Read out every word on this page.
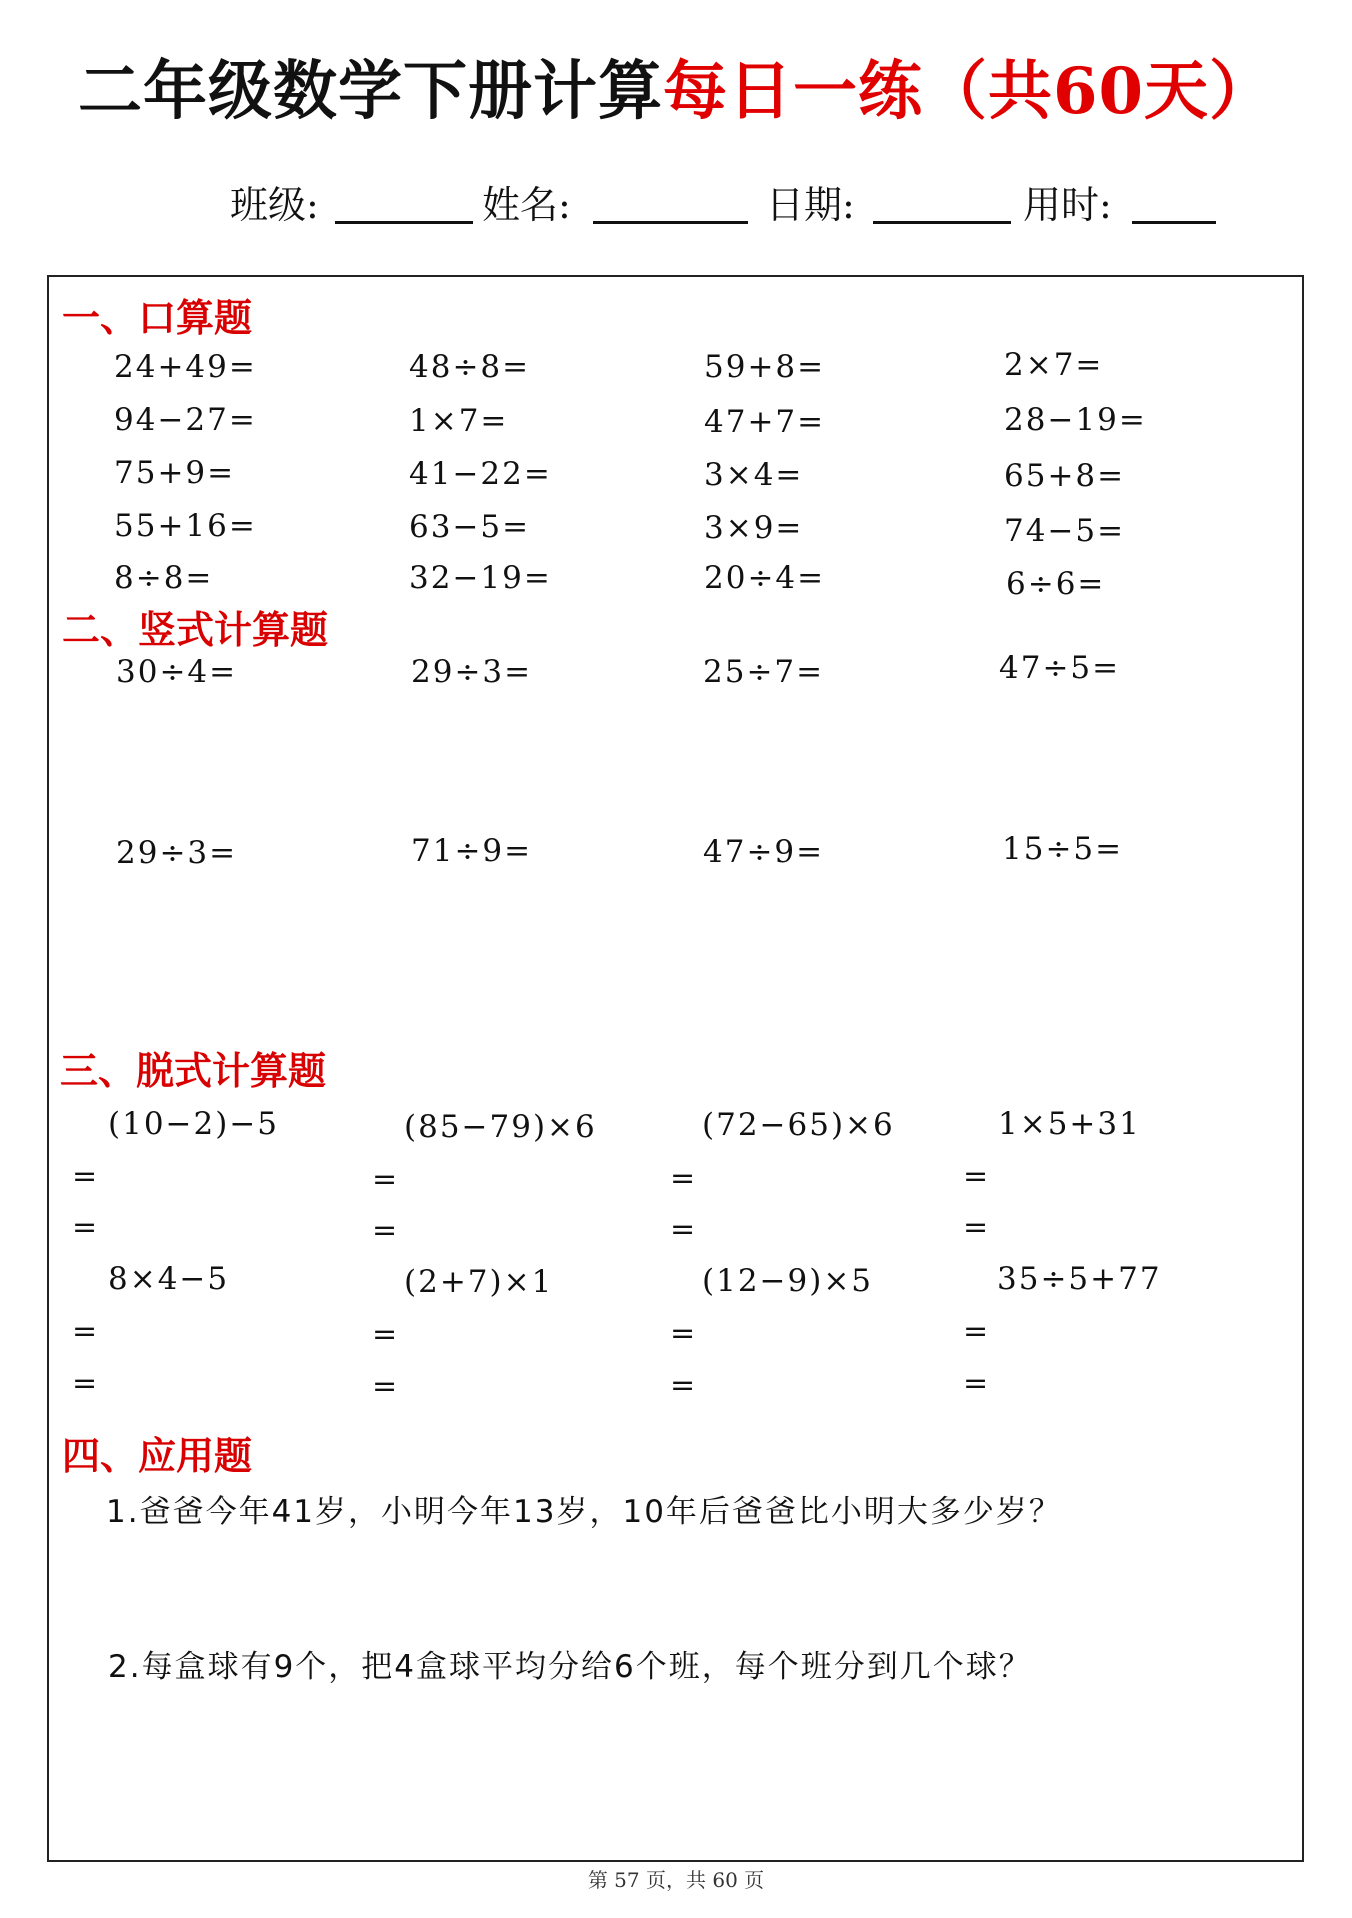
二年级数学下册计算每日一练（共60天）
班级:	姓名:	日期:	用时:
一、口算题
24+49=	48÷8=	59+8=	2×7=
94−27=	1×7=	47+7=	28−19=
75+9=	41−22=	3×4=	65+8=
55+16=	63−5=	3×9=	74−5=
8÷8=	32−19=	20÷4=	6÷6=
二、竖式计算题
30÷4=	29÷3=	25÷7=	47÷5=
29÷3=	71÷9=	47÷9=	15÷5=
三、脱式计算题
(10−2)−5	(85−79)×6	(72−65)×6	1×5+31
=	=	=	=
=	=	=	=
8×4−5	(2+7)×1	(12−9)×5	35÷5+77
=	=	=	=
=	=	=	=
四、应用题
1.爸爸今年41岁，小明今年13岁，10年后爸爸比小明大多少岁？
2.每盒球有9个，把4盒球平均分给6个班，每个班分到几个球？
第 57 页，共 60 页
